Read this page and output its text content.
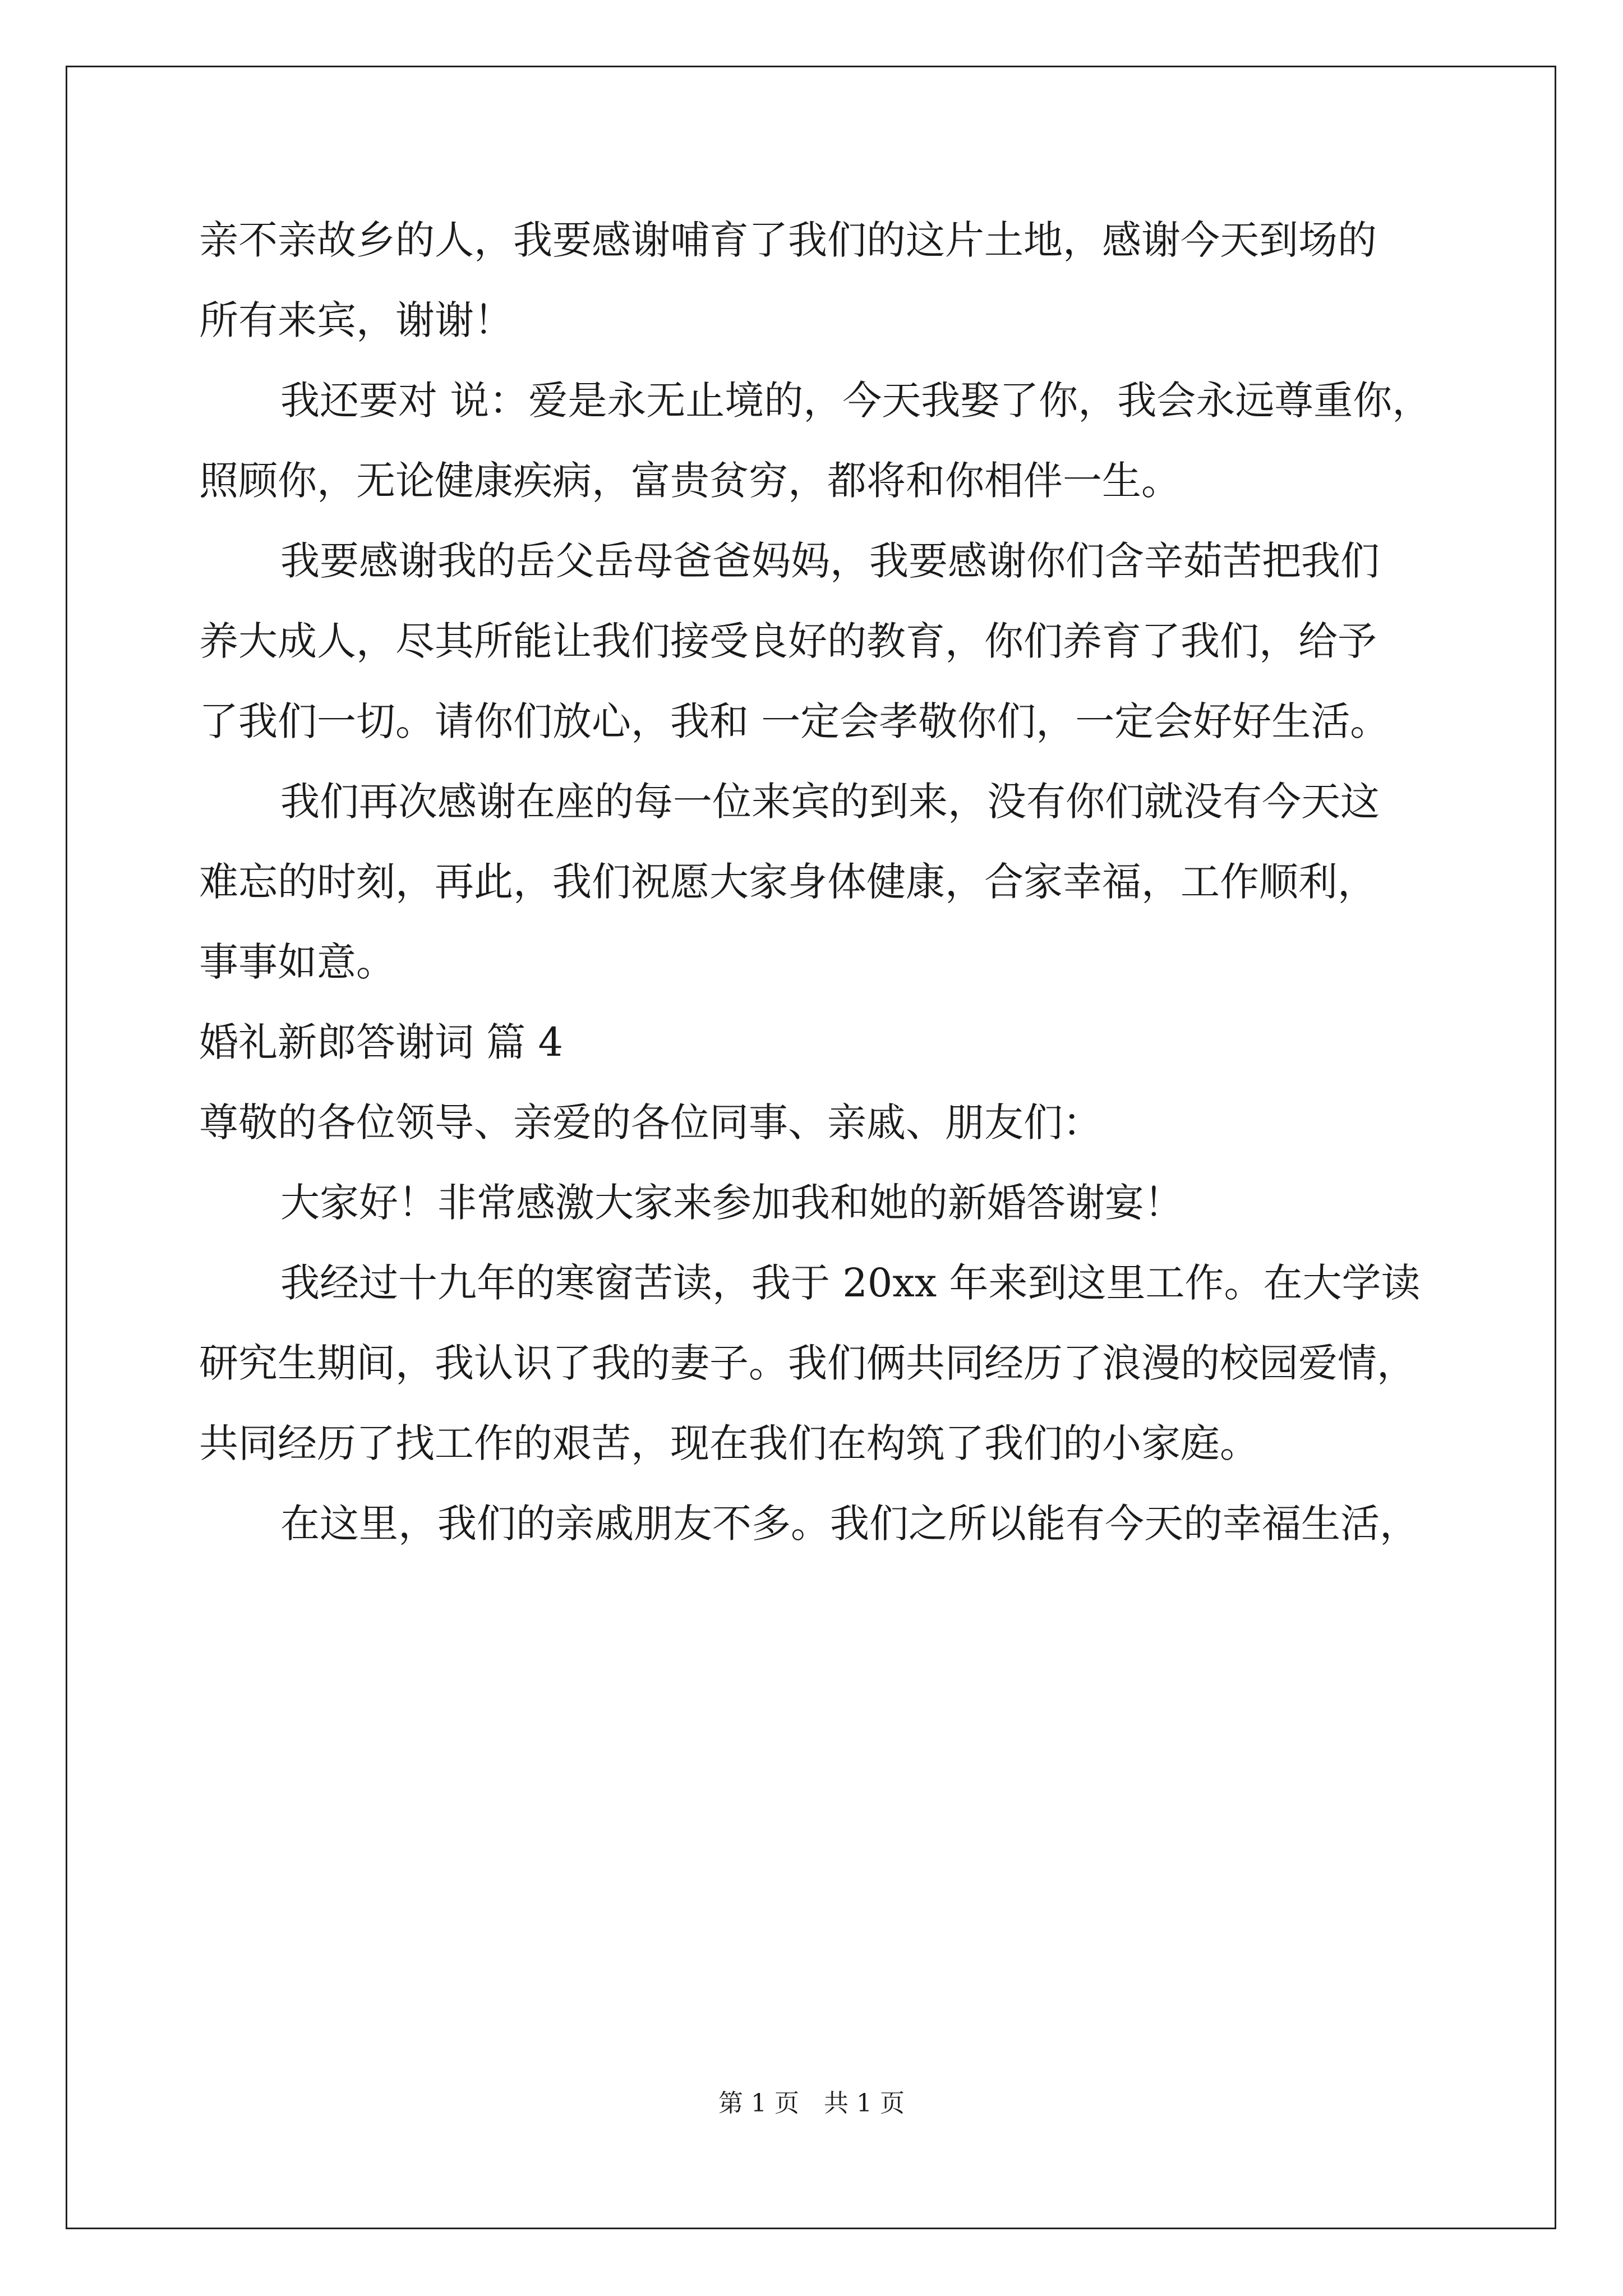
亲不亲故乡的人，我要感谢哺育了我们的这片土地，感谢今天到场的
所有来宾，谢谢！
我还要对 说：爱是永无止境的，今天我娶了你，我会永远尊重你，
照顾你，无论健康疾病，富贵贫穷，都将和你相伴一生。
我要感谢我的岳父岳母爸爸妈妈，我要感谢你们含辛茹苦把我们
养大成人，尽其所能让我们接受良好的教育，你们养育了我们，给予
了我们一切。请你们放心，我和 一定会孝敬你们，一定会好好生活。
我们再次感谢在座的每一位来宾的到来，没有你们就没有今天这
难忘的时刻，再此，我们祝愿大家身体健康，合家幸福，工作顺利，
事事如意。
婚礼新郎答谢词 篇 4
尊敬的各位领导、亲爱的各位同事、亲戚、朋友们：
大家好！非常感激大家来参加我和她的新婚答谢宴！
我经过十九年的寒窗苦读，我于 20xx 年来到这里工作。在大学读
研究生期间，我认识了我的妻子。我们俩共同经历了浪漫的校园爱情，
共同经历了找工作的艰苦，现在我们在构筑了我们的小家庭。
在这里，我们的亲戚朋友不多。我们之所以能有今天的幸福生活，
第 1 页　共 1 页
